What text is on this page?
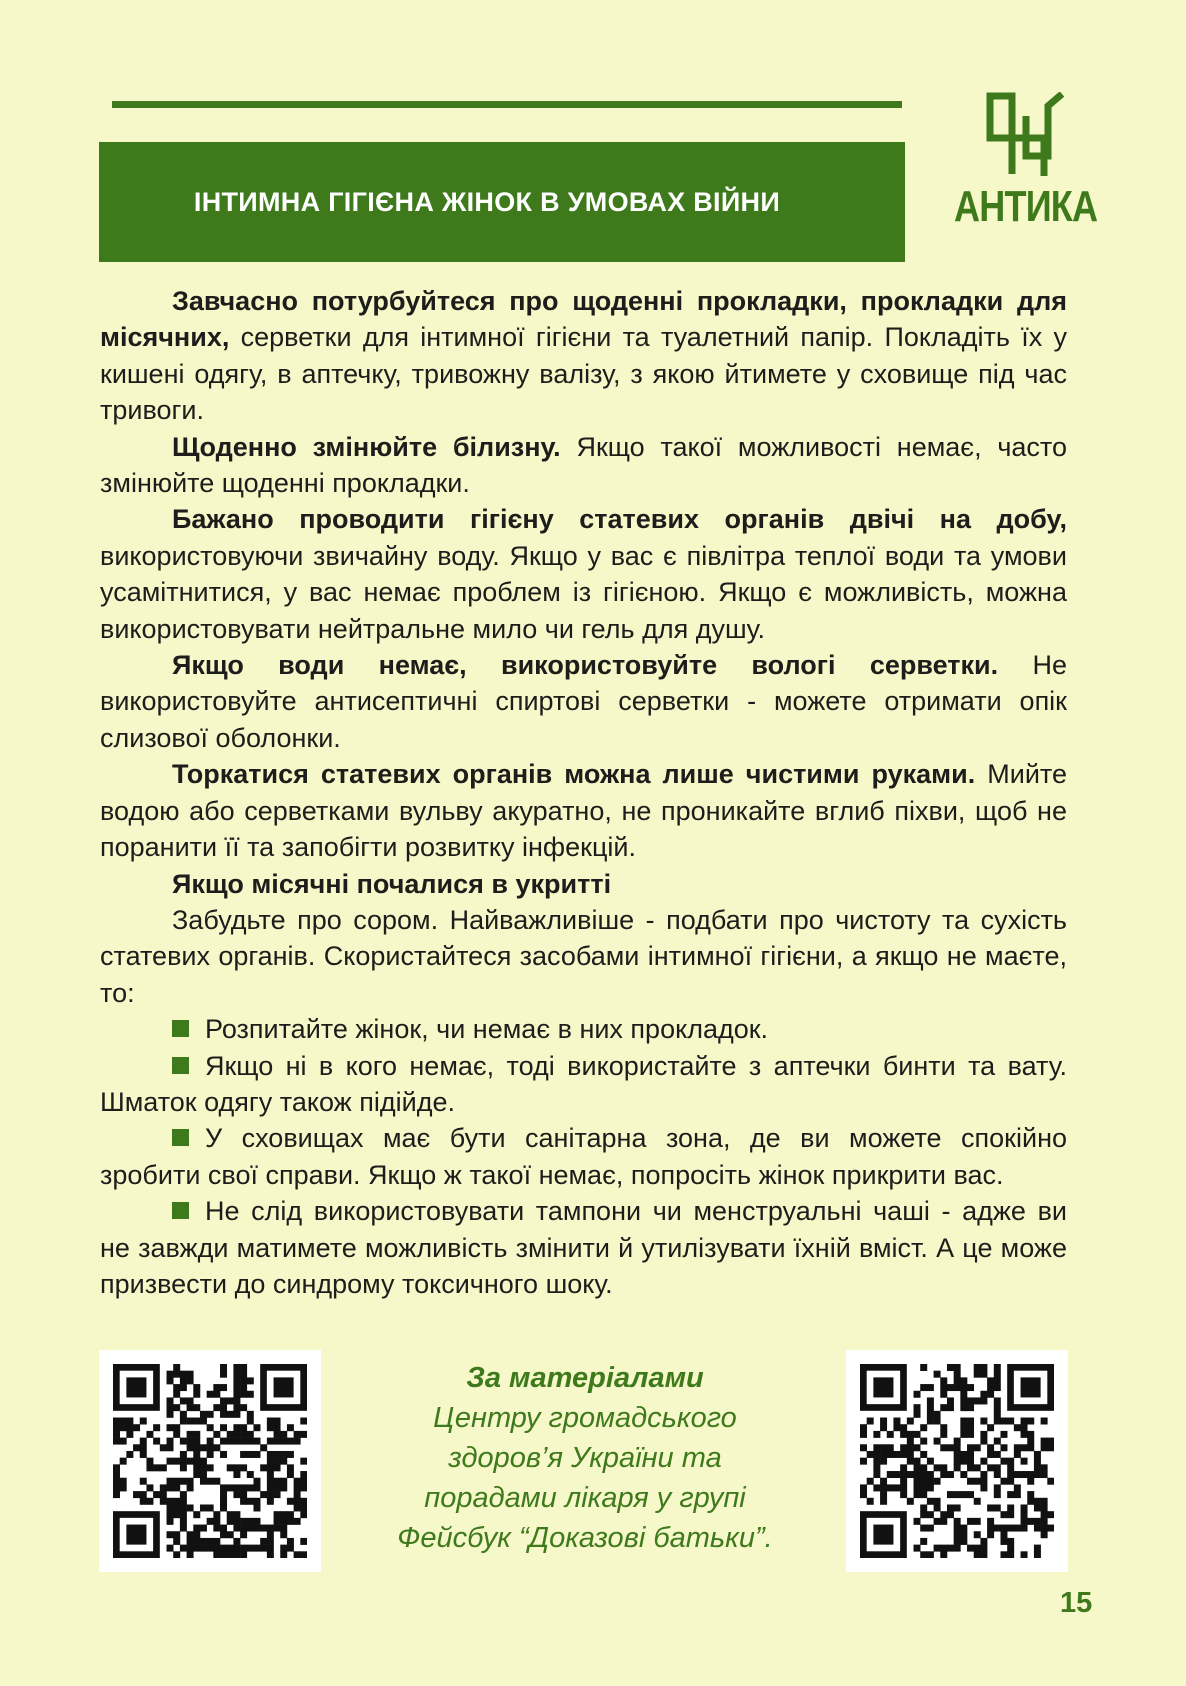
ІНТИМНА ГІГІЄНА ЖІНОК В УМОВАХ ВІЙНИ	АНТИКА

Завчасно потурбуйтеся про щоденні прокладки, прокладки для місячних, серветки для інтимної гігієни та туалетний папір. Покладіть їх у кишені одягу, в аптечку, тривожну валізу, з якою йтимете у сховище під час тривоги.

Щоденно змінюйте білизну. Якщо такої можливості немає, часто змінюйте щоденні прокладки.

Бажано проводити гігієну статевих органів двічі на добу, використовуючи звичайну воду. Якщо у вас є півлітра теплої води та умови усамітнитися, у вас немає проблем із гігієною. Якщо є можливість, можна використовувати нейтральне мило чи гель для душу.

Якщо води немає, використовуйте вологі серветки. Не використовуйте антисептичні спиртові серветки - можете отримати опік слизової оболонки.

Торкатися статевих органів можна лише чистими руками. Мийте водою або серветками вульву акуратно, не проникайте вглиб піхви, щоб не поранити її та запобігти розвитку інфекцій.

Якщо місячні почалися в укритті

Забудьте про сором. Найважливіше - подбати про чистоту та сухість статевих органів. Скористайтеся засобами інтимної гігієни, а якщо не маєте, то:

Розпитайте жінок, чи немає в них прокладок.

Якщо ні в кого немає, тоді використайте з аптечки бинти та вату. Шматок одягу також підійде.

У сховищах має бути санітарна зона, де ви можете спокійно зробити свої справи. Якщо ж такої немає, попросіть жінок прикрити вас.

Не слід використовувати тампони чи менструальні чаші - адже ви не завжди матимете можливість змінити й утилізувати їхній вміст. А це може призвести до синдрому токсичного шоку.

За матеріалами
Центру громадського
здоров’я України та
порадами лікаря у групі
Фейсбук “Доказові батьки”.
15
